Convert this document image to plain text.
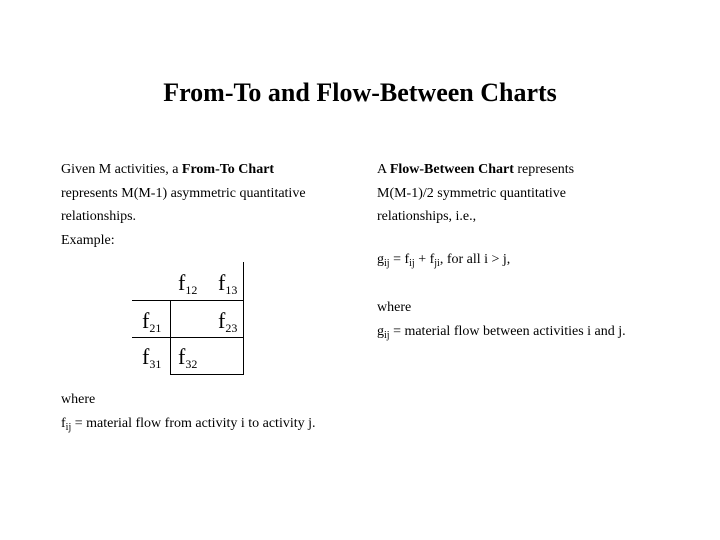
From-To and Flow-Between Charts
Given M activities, a From-To Chart
represents M(M-1) asymmetric quantitative
relationships.
Example:
$f_{12}$ $f_{13}$
$f_{21}$	$f_{23}$
$f_{31}$ $f_{32}$
where
$f_{ij}$ = material flow from activity i to activity j.
A Flow-Between Chart represents
M(M-1)/2 symmetric quantitative
relationships, i.e.,
$g_{ij} = f_{ij} + f_{ji}$, for all i > j,
where
$g_{ij}$ = material flow between activities i and j.
